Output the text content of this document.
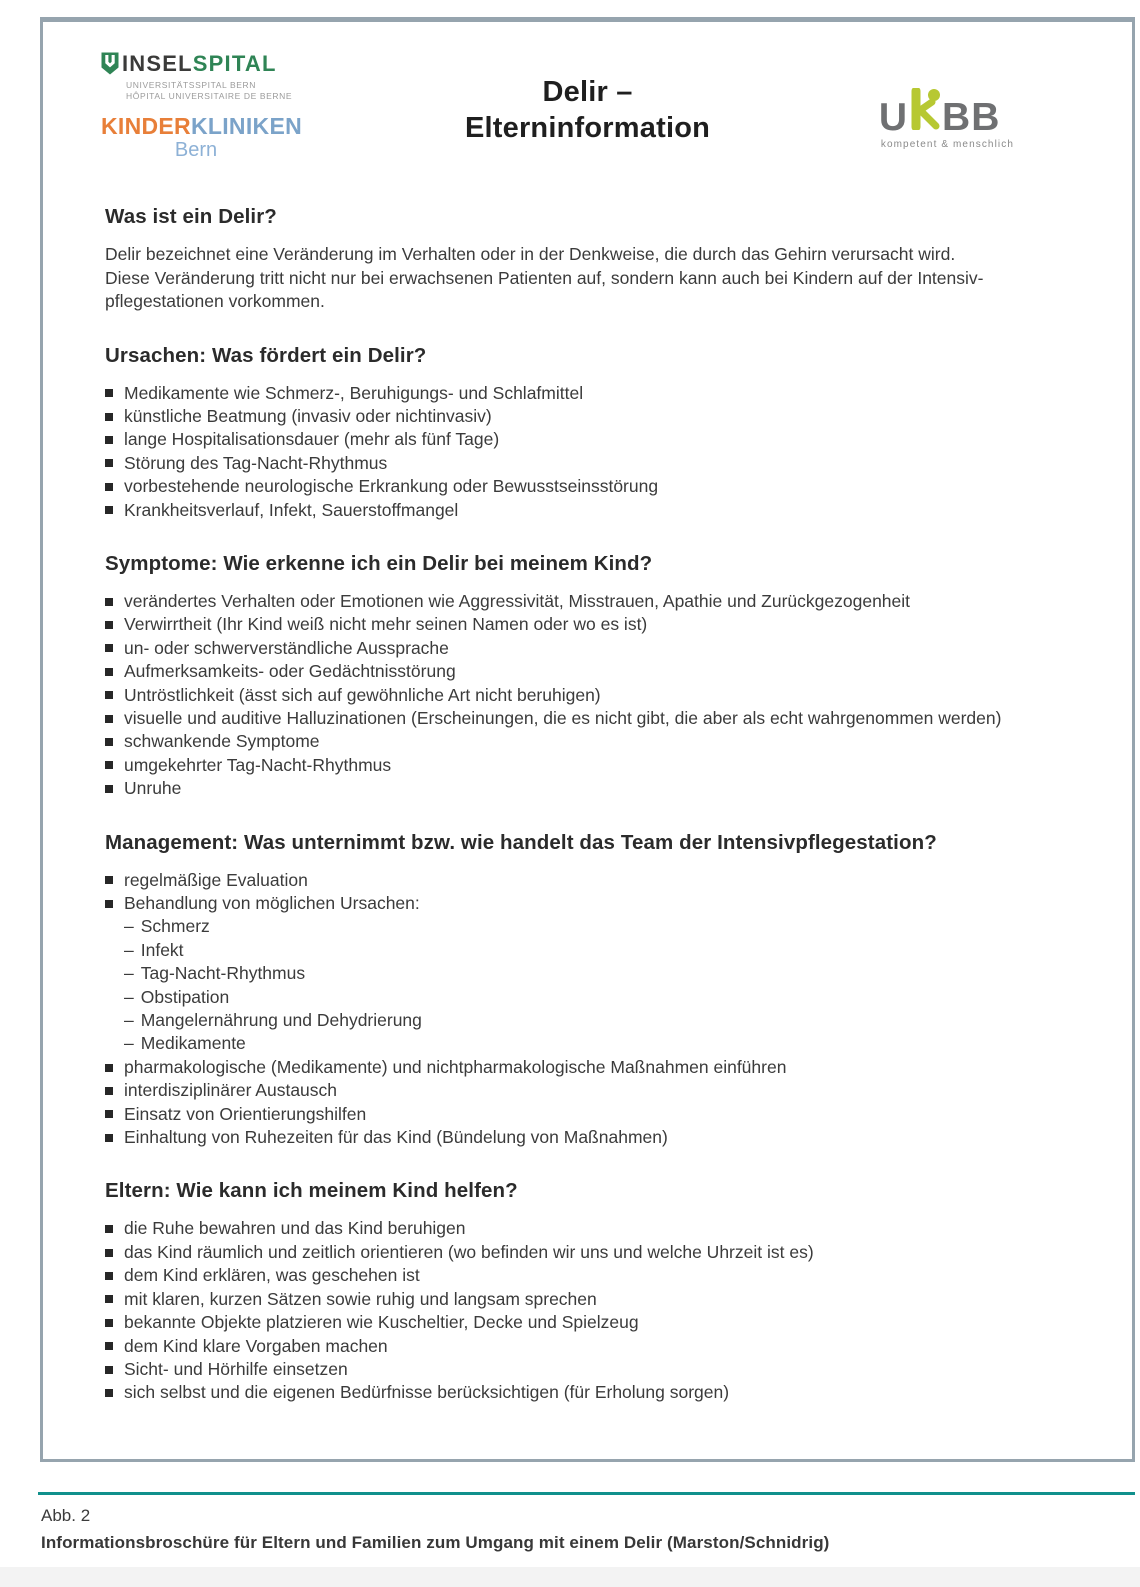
INSELSPITAL
UNIVERSITÄTSSPITAL BERN
HÔPITAL UNIVERSITAIRE DE BERNE
KINDERKLINIKEN
Bern
Delir –
Elterninformation	U BB
kompetent & menschlich
Was ist ein Delir?

Delir bezeichnet eine Veränderung im Verhalten oder in der Denkweise, die durch das Gehirn verursacht wird.
Diese Veränderung tritt nicht nur bei erwachsenen Patienten auf, sondern kann auch bei Kindern auf der Intensiv-
pflegestationen vorkommen.

Ursachen: Was fördert ein Delir?
Medikamente wie Schmerz-, Beruhigungs- und Schlafmittel
künstliche Beatmung (invasiv oder nichtinvasiv)
lange Hospitalisationsdauer (mehr als fünf Tage)
Störung des Tag-Nacht-Rhythmus
vorbestehende neurologische Erkrankung oder Bewusstseinsstörung
Krankheitsverlauf, Infekt, Sauerstoffmangel
Symptome: Wie erkenne ich ein Delir bei meinem Kind?
verändertes Verhalten oder Emotionen wie Aggressivität, Misstrauen, Apathie und Zurückgezogenheit
Verwirrtheit (Ihr Kind weiß nicht mehr seinen Namen oder wo es ist)
un- oder schwerverständliche Aussprache
Aufmerksamkeits- oder Gedächtnisstörung
Untröstlichkeit (ässt sich auf gewöhnliche Art nicht beruhigen)
visuelle und auditive Halluzinationen (Erscheinungen, die es nicht gibt, die aber als echt wahrgenommen werden)
schwankende Symptome
umgekehrter Tag-Nacht-Rhythmus
Unruhe
Management: Was unternimmt bzw. wie handelt das Team der Intensivpflegestation?
regelmäßige Evaluation
Behandlung von möglichen Ursachen:
– Schmerz
– Infekt
– Tag-Nacht-Rhythmus
– Obstipation
– Mangelernährung und Dehydrierung
– Medikamente
pharmakologische (Medikamente) und nichtpharmakologische Maßnahmen einführen
interdisziplinärer Austausch
Einsatz von Orientierungshilfen
Einhaltung von Ruhezeiten für das Kind (Bündelung von Maßnahmen)
Eltern: Wie kann ich meinem Kind helfen?
die Ruhe bewahren und das Kind beruhigen
das Kind räumlich und zeitlich orientieren (wo befinden wir uns und welche Uhrzeit ist es)
dem Kind erklären, was geschehen ist
mit klaren, kurzen Sätzen sowie ruhig und langsam sprechen
bekannte Objekte platzieren wie Kuscheltier, Decke und Spielzeug
dem Kind klare Vorgaben machen
Sicht- und Hörhilfe einsetzen
sich selbst und die eigenen Bedürfnisse berücksichtigen (für Erholung sorgen)
Abb. 2
Informationsbroschüre für Eltern und Familien zum Umgang mit einem Delir (Marston/Schnidrig)
